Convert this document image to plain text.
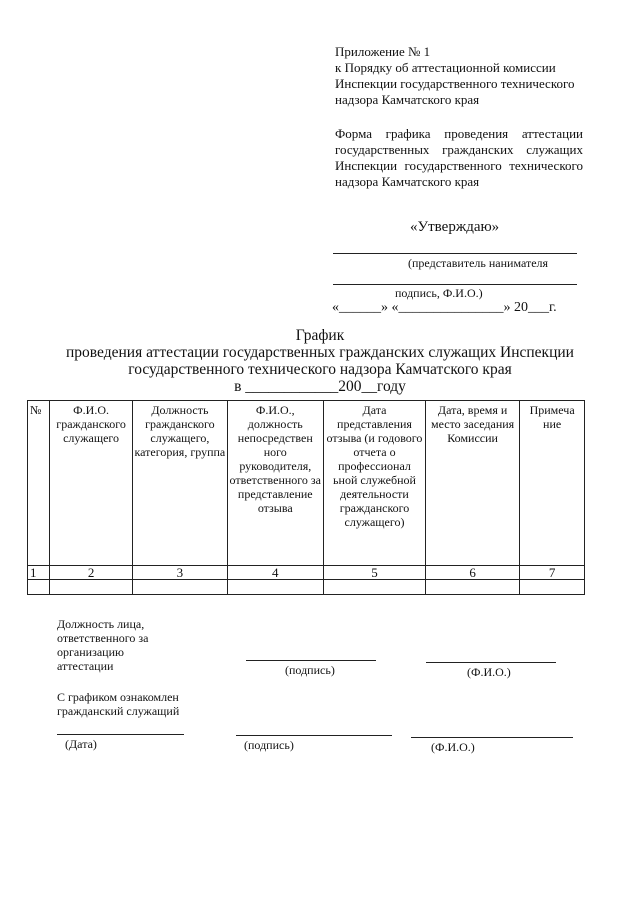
Приложение № 1
к Порядку об аттестационной комиссии
Инспекции государственного технического
надзора Камчатского края
Форма графика проведения аттестации
государственных гражданских служащих
Инспекции государственного технического
надзора Камчатского края
«Утверждаю»
(представитель нанимателя
подпись, Ф.И.О.)
«______» «_______________» 20___г.
График
проведения аттестации государственных гражданских служащих Инспекции
государственного технического надзора Камчатского края
в ____________200__году
№	Ф.И.О. гражданского служащего	Должность гражданского служащего, категория, группа	Ф.И.О., должность непосредствен ного руководителя, ответственного за представление отзыва	Дата представления отзыва (и годового отчета о профессионал ьной служебной деятельности гражданского служащего)	Дата, время и место заседания Комиссии	Примеча ние
1	2	3	4	5	6	7

Должность лица,
ответственного за
организацию
аттестации	(подпись)	(Ф.И.О.)
С графиком ознакомлен
гражданский служащий
(Дата)	(подпись)	(Ф.И.О.)
